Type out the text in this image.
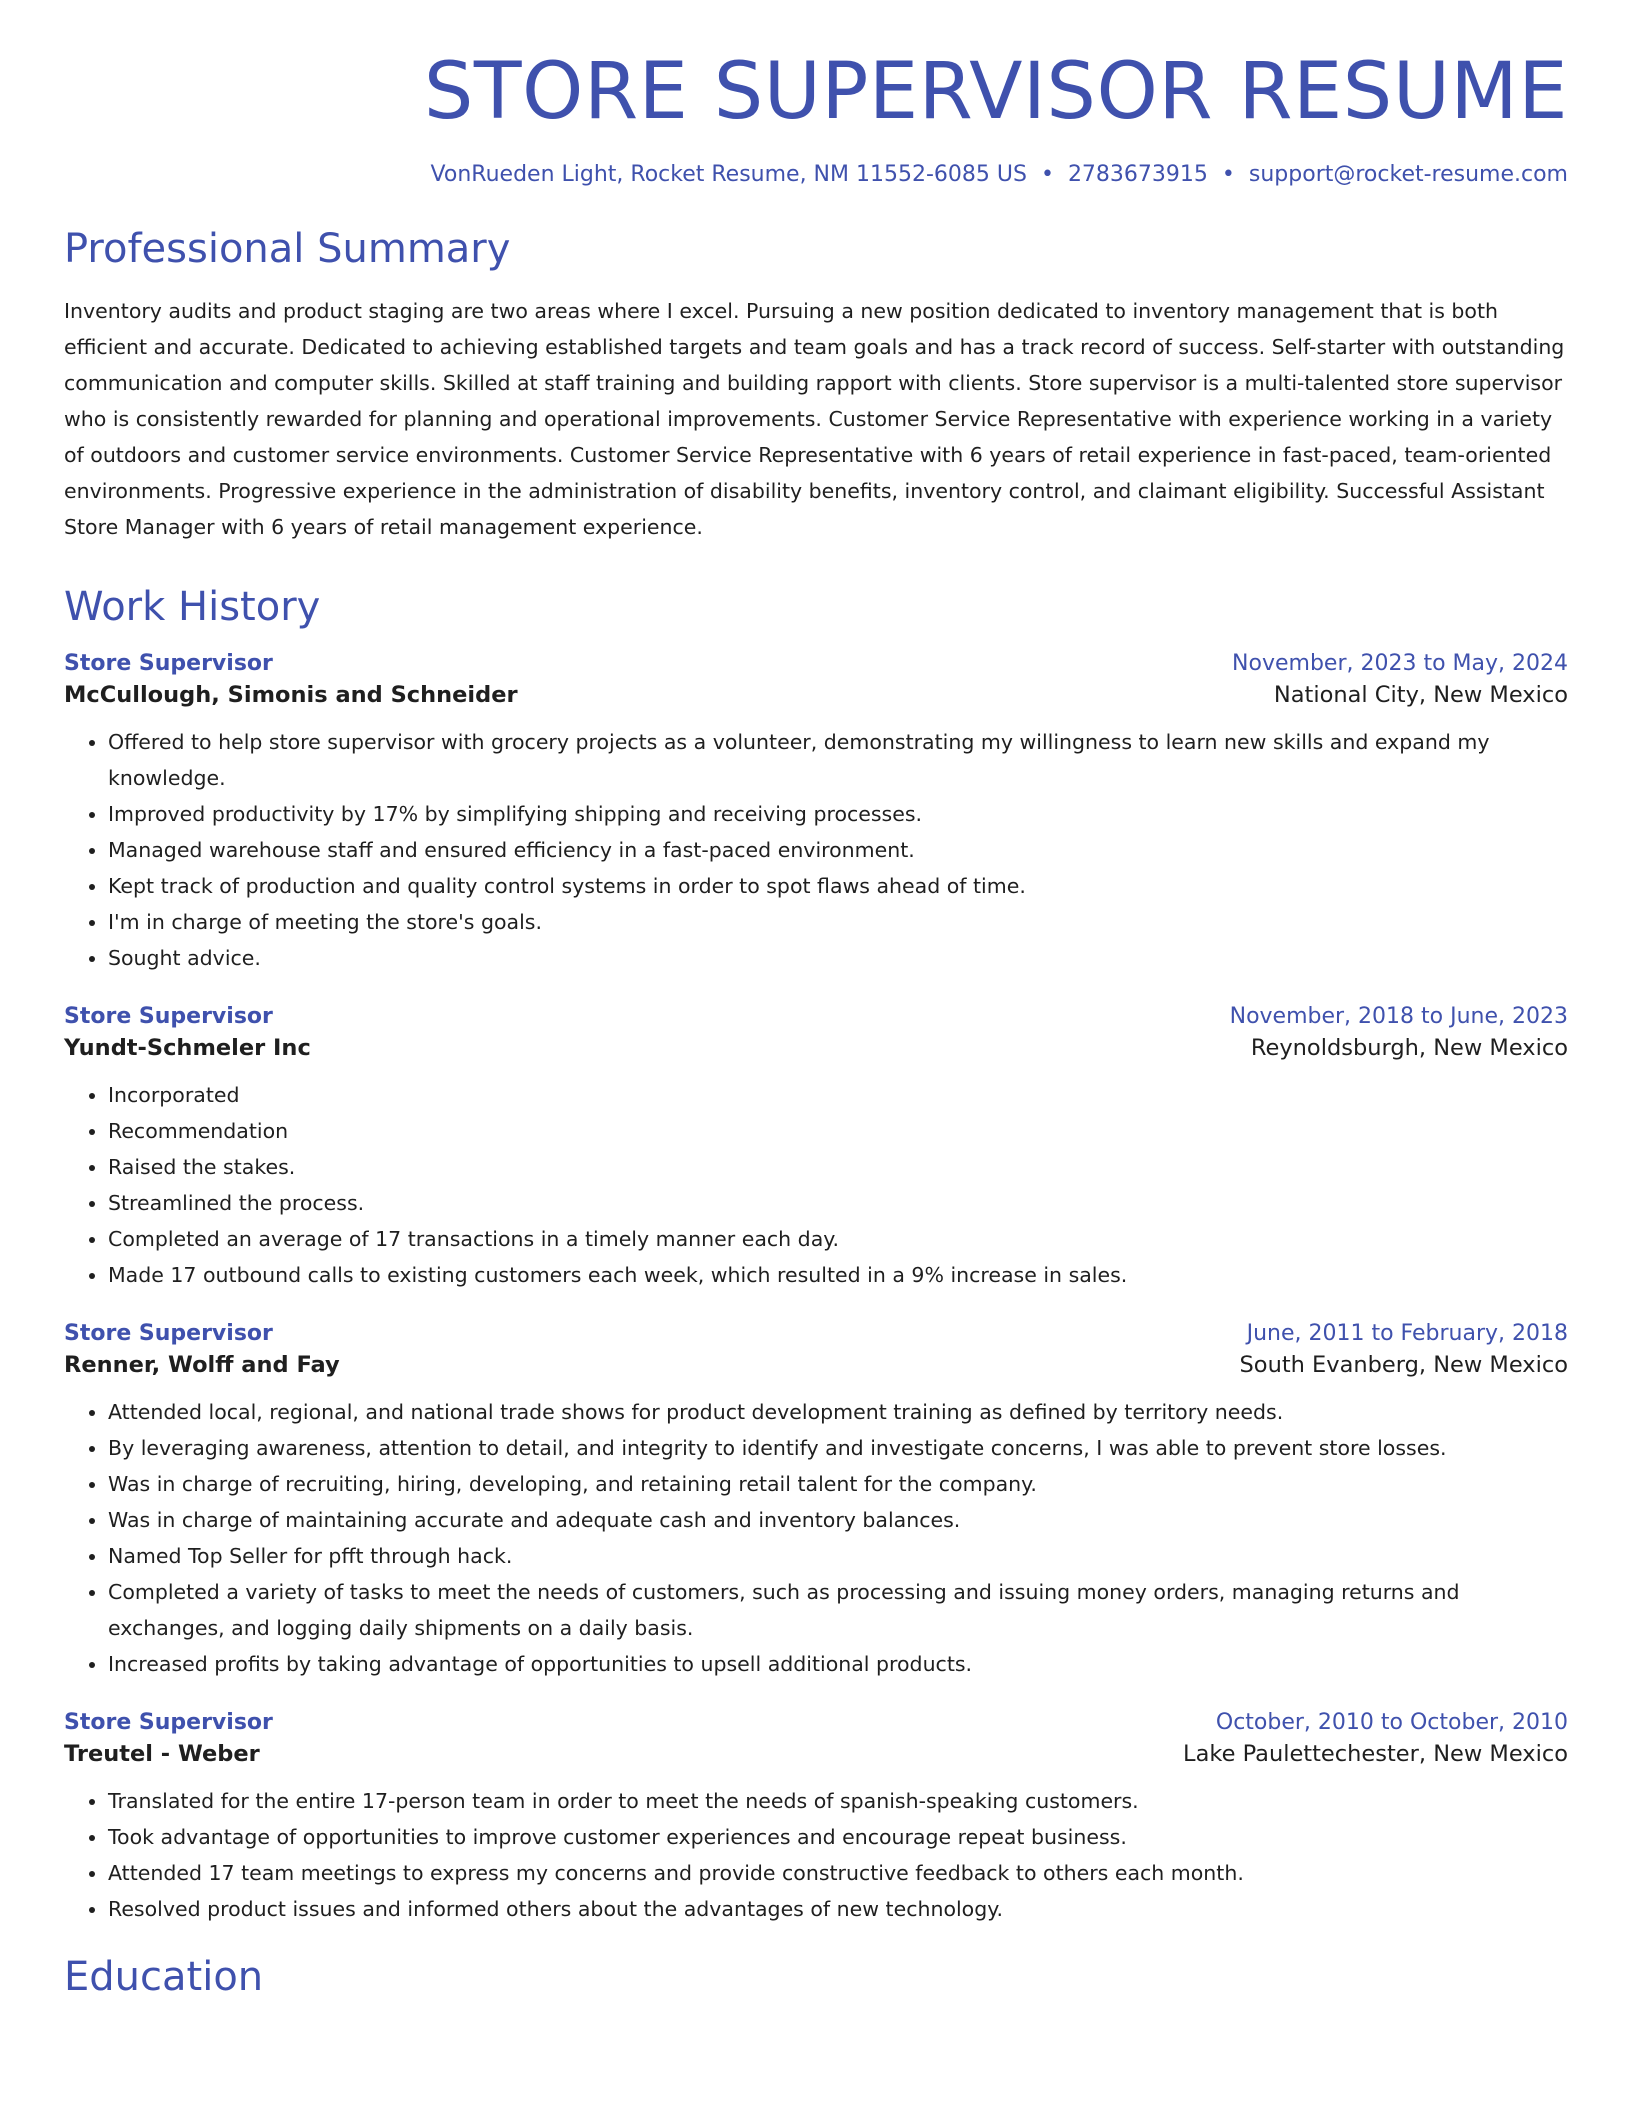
STORE SUPERVISOR RESUME
VonRueden Light, Rocket Resume, NM 11552-6085 US • 2783673915 • support@rocket-resume.com
Professional Summary

Inventory audits and product staging are two areas where I excel. Pursuing a new position dedicated to inventory management that is both efficient and accurate. Dedicated to achieving established targets and team goals and has a track record of success. Self-starter with outstanding communication and computer skills. Skilled at staff training and building rapport with clients. Store supervisor is a multi-talented store supervisor who is consistently rewarded for planning and operational improvements. Customer Service Representative with experience working in a variety of outdoors and customer service environments. Customer Service Representative with 6 years of retail experience in fast-paced, team-oriented environments. Progressive experience in the administration of disability benefits, inventory control, and claimant eligibility. Successful Assistant Store Manager with 6 years of retail management experience.

Work History
Store Supervisor	November, 2023 to May, 2024
McCullough, Simonis and Schneider	National City, New Mexico
• Offered to help store supervisor with grocery projects as a volunteer, demonstrating my willingness to learn new skills and expand my knowledge.
• Improved productivity by 17% by simplifying shipping and receiving processes.
• Managed warehouse staff and ensured efficiency in a fast-paced environment.
• Kept track of production and quality control systems in order to spot flaws ahead of time.
• I'm in charge of meeting the store's goals.
• Sought advice.
Store Supervisor	November, 2018 to June, 2023
Yundt-Schmeler Inc	Reynoldsburgh, New Mexico
• Incorporated
• Recommendation
• Raised the stakes.
• Streamlined the process.
• Completed an average of 17 transactions in a timely manner each day.
• Made 17 outbound calls to existing customers each week, which resulted in a 9% increase in sales.
Store Supervisor	June, 2011 to February, 2018
Renner, Wolff and Fay	South Evanberg, New Mexico
• Attended local, regional, and national trade shows for product development training as defined by territory needs.
• By leveraging awareness, attention to detail, and integrity to identify and investigate concerns, I was able to prevent store losses.
• Was in charge of recruiting, hiring, developing, and retaining retail talent for the company.
• Was in charge of maintaining accurate and adequate cash and inventory balances.
• Named Top Seller for pfft through hack.
• Completed a variety of tasks to meet the needs of customers, such as processing and issuing money orders, managing returns and exchanges, and logging daily shipments on a daily basis.
• Increased profits by taking advantage of opportunities to upsell additional products.
Store Supervisor	October, 2010 to October, 2010
Treutel - Weber	Lake Paulettechester, New Mexico
• Translated for the entire 17-person team in order to meet the needs of spanish-speaking customers.
• Took advantage of opportunities to improve customer experiences and encourage repeat business.
• Attended 17 team meetings to express my concerns and provide constructive feedback to others each month.
• Resolved product issues and informed others about the advantages of new technology.
Education
